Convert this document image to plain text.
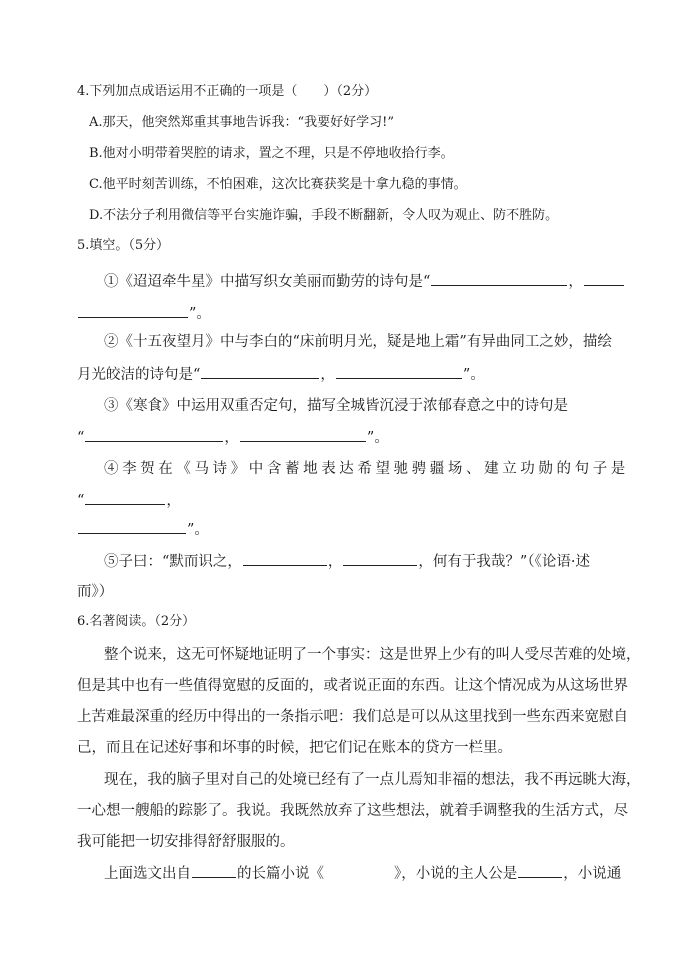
4.下列加点成语运用不正确的一项是（　　）（2分）
A.那天，他突然郑重其事地告诉我：“我要好好学习!”
B.他对小明带着哭腔的请求，置之不理，只是不停地收拾行李。
C.他平时刻苦训练，不怕困难，这次比赛获奖是十拿九稳的事情。
D.不法分子利用微信等平台实施诈骗，手段不断翻新，令人叹为观止、防不胜防。
5.填空。（5分）
①《迢迢牵牛星》中描写织女美丽而勤劳的诗句是“	，
”。
②《十五夜望月》中与李白的“床前明月光，疑是地上霜”有异曲同工之妙，描绘
月光皎洁的诗句是“	，	”。
③《寒食》中运用双重否定句，描写全城皆沉浸于浓郁春意之中的诗句是
“	，	”。
④李贺在《马诗》中含蓄地表达希望驰骋疆场、建立功勋的句子是
“	，
”。
⑤子曰：“默而识之，	，	，何有于我哉？”（《论语·述
而》）
6.名著阅读。（2分）
整个说来，这无可怀疑地证明了一个事实：这是世界上少有的叫人受尽苦难的处境，
但是其中也有一些值得宽慰的反面的，或者说正面的东西。让这个情况成为从这场世界
上苦难最深重的经历中得出的一条指示吧：我们总是可以从这里找到一些东西来宽慰自
己，而且在记述好事和坏事的时候，把它们记在账本的贷方一栏里。
现在，我的脑子里对自己的处境已经有了一点儿焉知非福的想法，我不再远眺大海，
一心想一艘船的踪影了。我说。我既然放弃了这些想法，就着手调整我的生活方式，尽
我可能把一切安排得舒舒服服的。
上面选文出自	的长篇小说《	》，小说的主人公是	，小说通
